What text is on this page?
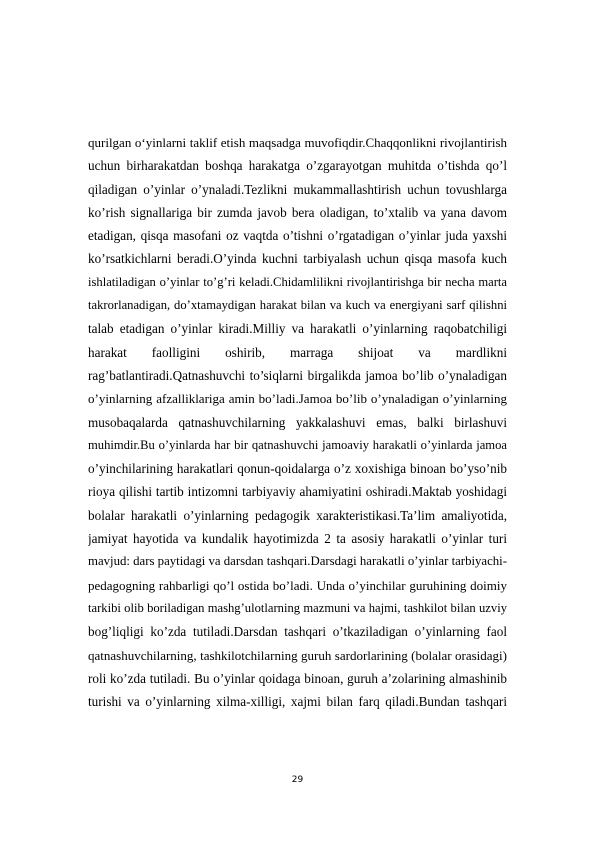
qurilgan o‘yinlarni taklif etish maqsadga muvofiqdir.Chaqqonlikni rivojlantirish
uchun birharakatdan boshqa harakatga o’zgarayotgan muhitda o’tishda qo’l
qiladigan o’yinlar o’ynaladi.Tezlikni mukammallashtirish uchun tovushlarga
ko’rish signallariga bir zumda javob bera oladigan, to’xtalib va yana davom
etadigan, qisqa masofani oz vaqtda o’tishni o’rgatadigan o’yinlar juda yaxshi
ko’rsatkichlarni beradi.O’yinda kuchni tarbiyalash uchun qisqa masofa kuch
ishlatiladigan o’yinlar to’g’ri keladi.Chidamlilikni rivojlantirishga bir necha marta
takrorlanadigan, do’xtamaydigan harakat bilan va kuch va energiyani sarf qilishni
talab etadigan o’yinlar kiradi.Milliy va harakatli o’yinlarning raqobatchiligi
harakat faolligini oshirib, marraga shijoat va mardlikni
rag’batlantiradi.Qatnashuvchi to’siqlarni birgalikda jamoa bo’lib o’ynaladigan
o’yinlarning afzalliklariga amin bo’ladi.Jamoa bo’lib o’ynaladigan o’yinlarning
musobaqalarda qatnashuvchilarning yakkalashuvi emas, balki birlashuvi
muhimdir.Bu o’yinlarda har bir qatnashuvchi jamoaviy harakatli o’yinlarda jamoa
o’yinchilarining harakatlari qonun-qoidalarga o’z xoxishiga binoan bo’yso’nib
rioya qilishi tartib intizomni tarbiyaviy ahamiyatini oshiradi.Maktab yoshidagi
bolalar harakatli o’yinlarning pedagogik xarakteristikasi.Ta’lim amaliyotida,
jamiyat hayotida va kundalik hayotimizda 2 ta asosiy harakatli o’yinlar turi
mavjud: dars paytidagi va darsdan tashqari.Darsdagi harakatli o’yinlar tarbiyachi-
pedagogning rahbarligi qo’l ostida bo’ladi. Unda o’yinchilar guruhining doimiy
tarkibi olib boriladigan mashg’ulotlarning mazmuni va hajmi, tashkilot bilan uzviy
bog’liqligi ko’zda tutiladi.Darsdan tashqari o’tkaziladigan o’yinlarning faol
qatnashuvchilarning, tashkilotchilarning guruh sardorlarining (bolalar orasidagi)
roli ko’zda tutiladi. Bu o’yinlar qoidaga binoan, guruh a’zolarining almashinib
turishi va o’yinlarning xilma-xilligi, xajmi bilan farq qiladi.Bundan tashqari
29
